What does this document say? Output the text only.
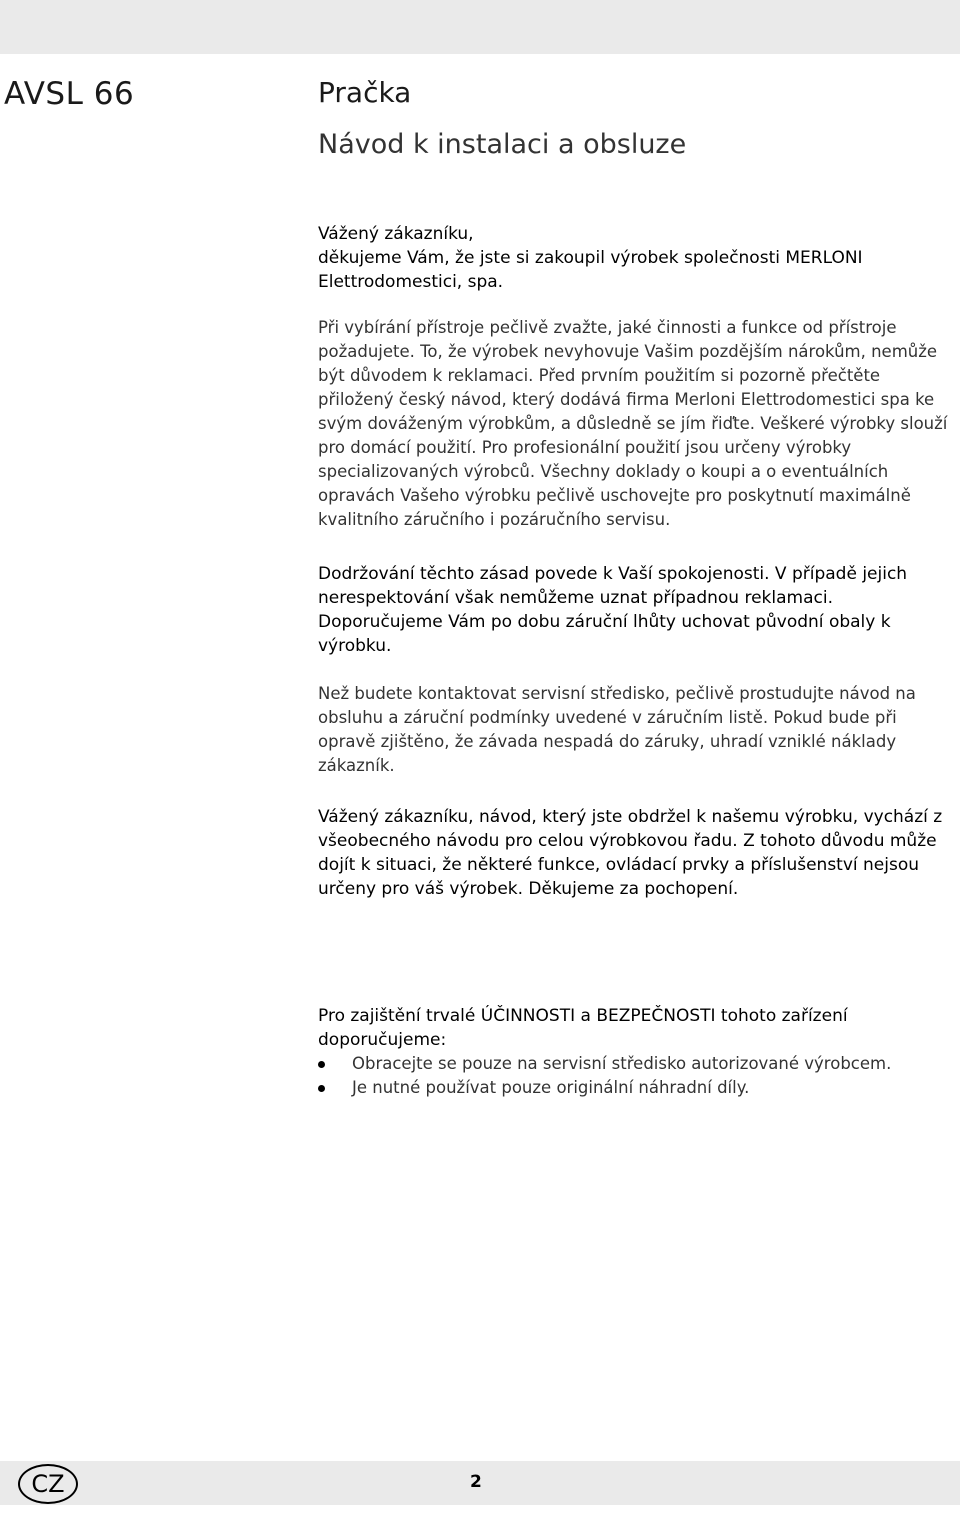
AVSL 66	Pračka
Návod k instalaci a obsluze
Vážený zákazníku,
děkujeme Vám, že jste si zakoupil výrobek společnosti MERLONI Elettrodomestici, spa.

Při vybírání přístroje pečlivě zvažte, jaké činnosti a funkce od přístroje požadujete. To, že výrobek nevyhovuje Vašim pozdějším nárokům, nemůže být důvodem k reklamaci. Před prvním použitím si pozorně přečtěte přiložený český návod, který dodává firma Merloni Elettrodomestici spa ke svým dováženým výrobkům, a důsledně se jím řiďte. Veškeré výrobky slouží pro domácí použití. Pro profesionální použití jsou určeny výrobky specializovaných výrobců. Všechny doklady o koupi a o eventuálních opravách Vašeho výrobku pečlivě uschovejte pro poskytnutí maximálně kvalitního záručního i pozáručního servisu.

Dodržování těchto zásad povede k Vaší spokojenosti. V případě jejich nerespektování však nemůžeme uznat případnou reklamaci. Doporučujeme Vám po dobu záruční lhůty uchovat původní obaly k výrobku.

Než budete kontaktovat servisní středisko, pečlivě prostudujte návod na obsluhu a záruční podmínky uvedené v záručním listě. Pokud bude při opravě zjištěno, že závada nespadá do záruky, uhradí vzniklé náklady zákazník.

Vážený zákazníku, návod, který jste obdržel k našemu výrobku, vychází z všeobecného návodu pro celou výrobkovou řadu. Z tohoto důvodu může dojít k situaci, že některé funkce, ovládací prvky a příslušenství nejsou určeny pro váš výrobek. Děkujeme za pochopení.

Pro zajištění trvalé ÚČINNOSTI a BEZPEČNOSTI tohoto zařízení doporučujeme:

Obracejte se pouze na servisní středisko autorizované výrobcem.
Je nutné používat pouze originální náhradní díly.
CZ	2
